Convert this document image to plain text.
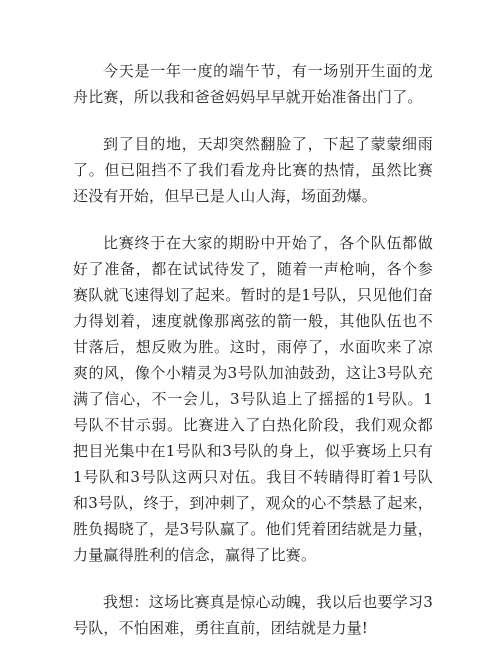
今天是一年一度的端午节，有一场别开生面的龙舟比赛，所以我和爸爸妈妈早早就开始准备出门了。

到了目的地，天却突然翻脸了，下起了蒙蒙细雨了。但已阻挡不了我们看龙舟比赛的热情，虽然比赛还没有开始，但早已是人山人海，场面劲爆。

比赛终于在大家的期盼中开始了，各个队伍都做好了准备，都在试试待发了，随着一声枪响，各个参赛队就飞速得划了起来。暂时的是1号队，只见他们奋力得划着，速度就像那离弦的箭一般，其他队伍也不甘落后，想反败为胜。这时，雨停了，水面吹来了凉爽的风，像个小精灵为3号队加油鼓劲，这让3号队充满了信心，不一会儿，3号队追上了摇摇的1号队。1号队不甘示弱。比赛进入了白热化阶段，我们观众都把目光集中在1号队和3号队的身上，似乎赛场上只有1号队和3号队这两只对伍。我目不转睛得盯着1号队和3号队，终于，到冲刺了，观众的心不禁悬了起来，胜负揭晓了，是3号队赢了。他们凭着团结就是力量，力量赢得胜利的信念，赢得了比赛。

我想：这场比赛真是惊心动魄，我以后也要学习3号队，不怕困难，勇往直前，团结就是力量!
